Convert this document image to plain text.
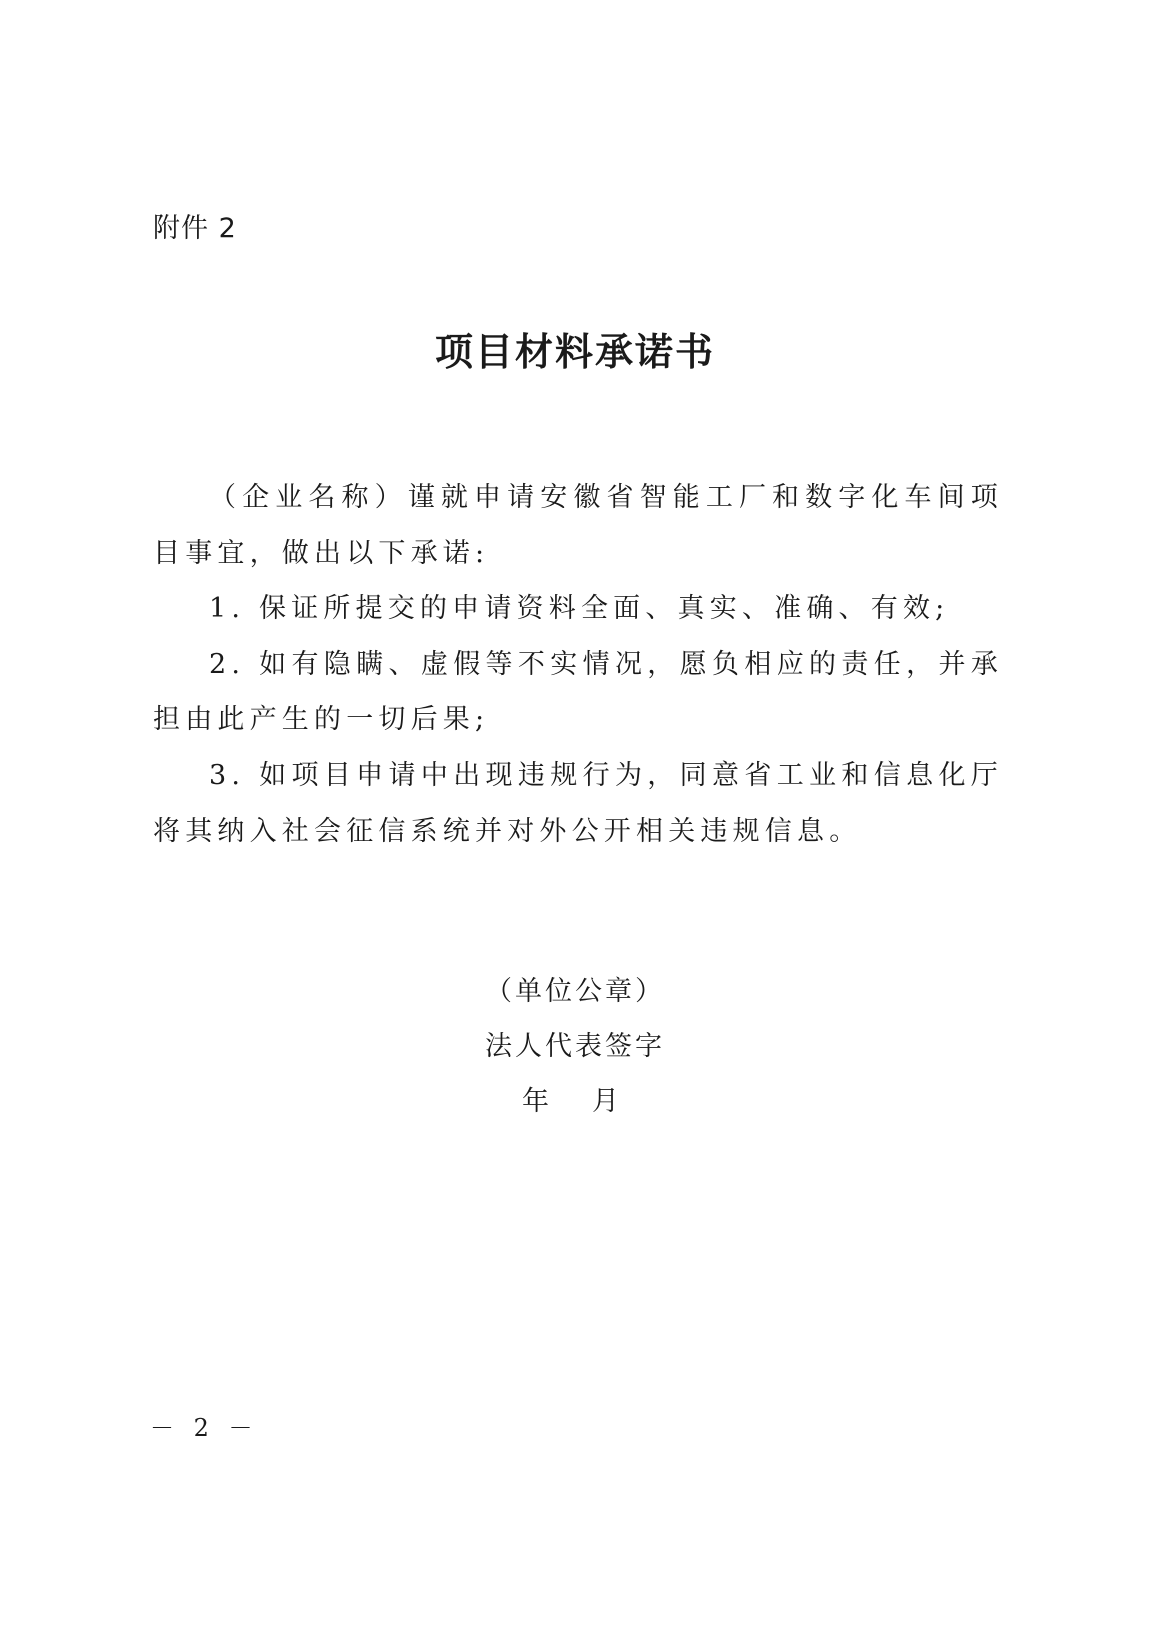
附件 2
项目材料承诺书

（企业名称）谨就申请安徽省智能工厂和数字化车间项目事宜，做出以下承诺:

1. 保证所提交的申请资料全面、真实、准确、有效;

2. 如有隐瞒、虚假等不实情况，愿负相应的责任，并承担由此产生的一切后果;

3. 如项目申请中出现违规行为，同意省工业和信息化厅将其纳入社会征信系统并对外公开相关违规信息。

（单位公章）
法人代表签字
年 月
－ 2 －
